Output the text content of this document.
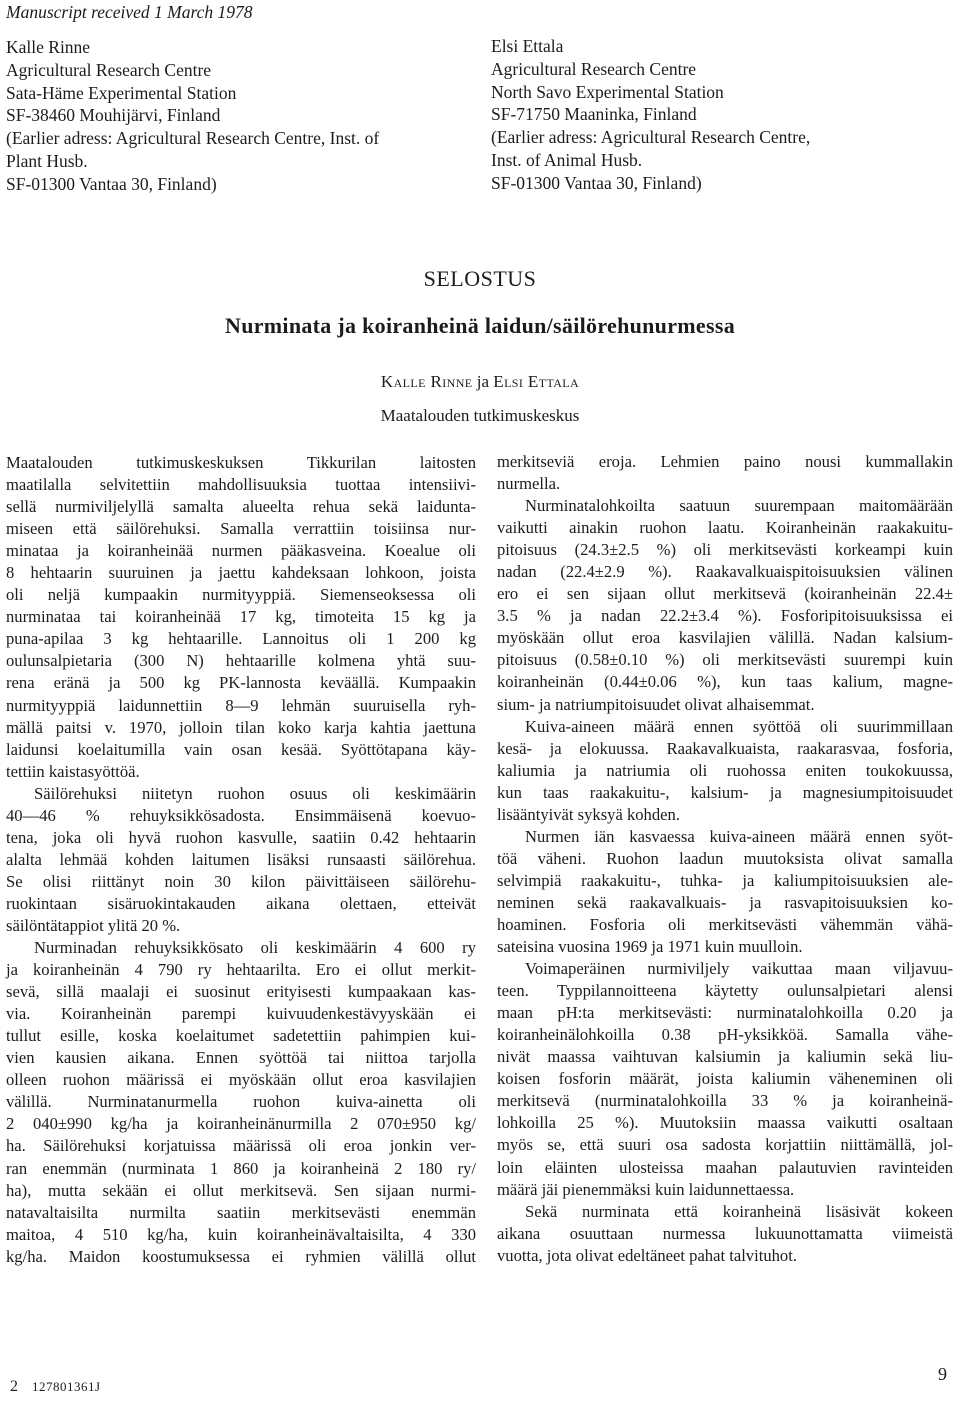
Manuscript received 1 March 1978
Kalle Rinne
Agricultural Research Centre
Sata-Häme Experimental Station
SF-38460 Mouhijärvi, Finland
(Earlier adress: Agricultural Research Centre, Inst. of
Plant Husb.
SF-01300 Vantaa 30, Finland)
Elsi Ettala
Agricultural Research Centre
North Savo Experimental Station
SF-71750 Maaninka, Finland
(Earlier adress: Agricultural Research Centre,
Inst. of Animal Husb.
SF-01300 Vantaa 30, Finland)
SELOSTUS
Nurminata ja koiranheinä laidun/säilörehunurmessa
Kalle Rinne ja Elsi Ettala
Maatalouden tutkimuskeskus
Maatalouden tutkimuskeskuksen Tikkurilan laitosten
maatilalla selvitettiin mahdollisuuksia tuottaa intensiivi-
sellä nurmiviljelyllä samalta alueelta rehua sekä laidunta-
miseen että säilörehuksi. Samalla verrattiin toisiinsa nur-
minataa ja koiranheinää nurmen pääkasveina. Koealue oli
8 hehtaarin suuruinen ja jaettu kahdeksaan lohkoon, joista
oli neljä kumpaakin nurmityyppiä. Siemenseoksessa oli
nurminataa tai koiranheinää 17 kg, timoteita 15 kg ja
puna-apilaa 3 kg hehtaarille. Lannoitus oli 1 200 kg
oulunsalpietaria (300 N) hehtaarille kolmena yhtä suu-
rena eränä ja 500 kg PK-lannosta keväällä. Kumpaakin
nurmityyppiä laidunnettiin 8—9 lehmän suuruisella ryh-
mällä paitsi v. 1970, jolloin tilan koko karja kahtia jaettuna
laidunsi koelaitumilla vain osan kesää. Syöttötapana käy-
tettiin kaistasyöttöä.
Säilörehuksi niitetyn ruohon osuus oli keskimäärin
40—46 % rehuyksikkösadosta. Ensimmäisenä koevuo-
tena, joka oli hyvä ruohon kasvulle, saatiin 0.42 hehtaarin
alalta lehmää kohden laitumen lisäksi runsaasti säilörehua.
Se olisi riittänyt noin 30 kilon päivittäiseen säilörehu-
ruokintaan sisäruokintakauden aikana olettaen, etteivät
säilöntätappiot ylitä 20 %.
Nurminadan rehuyksikkösato oli keskimäärin 4 600 ry
ja koiranheinän 4 790 ry hehtaarilta. Ero ei ollut merkit-
sevä, sillä maalaji ei suosinut erityisesti kumpaakaan kas-
via. Koiranheinän parempi kuivuudenkestävyyskään ei
tullut esille, koska koelaitumet sadetettiin pahimpien kui-
vien kausien aikana. Ennen syöttöä tai niittoa tarjolla
olleen ruohon määrissä ei myöskään ollut eroa kasvilajien
välillä. Nurminatanurmella ruohon kuiva-ainetta oli
2 040±990 kg/ha ja koiranheinänurmilla 2 070±950 kg/
ha. Säilörehuksi korjatuissa määrissä oli eroa jonkin ver-
ran enemmän (nurminata 1 860 ja koiranheinä 2 180 ry/
ha), mutta sekään ei ollut merkitsevä. Sen sijaan nurmi-
natavaltaisilta nurmilta saatiin merkitsevästi enemmän
maitoa, 4 510 kg/ha, kuin koiranheinävaltaisilta, 4 330
kg/ha. Maidon koostumuksessa ei ryhmien välillä ollut
merkitseviä eroja. Lehmien paino nousi kummallakin
nurmella.
Nurminatalohkoilta saatuun suurempaan maitomäärään
vaikutti ainakin ruohon laatu. Koiranheinän raakakuitu-
pitoisuus (24.3±2.5 %) oli merkitsevästi korkeampi kuin
nadan (22.4±2.9 %). Raakavalkuaispitoisuuksien välinen
ero ei sen sijaan ollut merkitsevä (koiranheinän 22.4±
3.5 % ja nadan 22.2±3.4 %). Fosforipitoisuuksissa ei
myöskään ollut eroa kasvilajien välillä. Nadan kalsium-
pitoisuus (0.58±0.10 %) oli merkitsevästi suurempi kuin
koiranheinän (0.44±0.06 %), kun taas kalium, magne-
sium- ja natriumpitoisuudet olivat alhaisemmat.
Kuiva-aineen määrä ennen syöttöä oli suurimmillaan
kesä- ja elokuussa. Raakavalkuaista, raakarasvaa, fosforia,
kaliumia ja natriumia oli ruohossa eniten toukokuussa,
kun taas raakakuitu-, kalsium- ja magnesiumpitoisuudet
lisääntyivät syksyä kohden.
Nurmen iän kasvaessa kuiva-aineen määrä ennen syöt-
töä väheni. Ruohon laadun muutoksista olivat samalla
selvimpiä raakakuitu-, tuhka- ja kaliumpitoisuuksien ale-
neminen sekä raakavalkuais- ja rasvapitoisuuksien ko-
hoaminen. Fosforia oli merkitsevästi vähemmän vähä-
sateisina vuosina 1969 ja 1971 kuin muulloin.
Voimaperäinen nurmiviljely vaikuttaa maan viljavuu-
teen. Typpilannoitteena käytetty oulunsalpietari alensi
maan pH:ta merkitsevästi: nurminatalohkoilla 0.20 ja
koiranheinälohkoilla 0.38 pH-yksikköä. Samalla vähe-
nivät maassa vaihtuvan kalsiumin ja kaliumin sekä liu-
koisen fosforin määrät, joista kaliumin väheneminen oli
merkitsevä (nurminatalohkoilla 33 % ja koiranheinä-
lohkoilla 25 %). Muutoksiin maassa vaikutti osaltaan
myös se, että suuri osa sadosta korjattiin niittämällä, jol-
loin eläinten ulosteissa maahan palautuvien ravinteiden
määrä jäi pienemmäksi kuin laidunnettaessa.
Sekä nurminata että koiranheinä lisäsivät kokeen
aikana osuuttaan nurmessa lukuunottamatta viimeistä
vuotta, jota olivat edeltäneet pahat talvituhot.
2 127801361J
9
